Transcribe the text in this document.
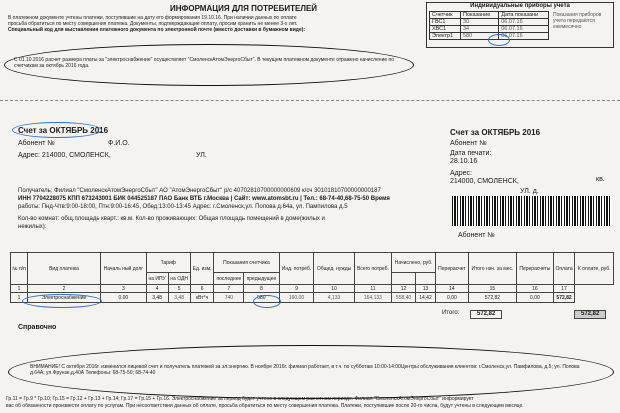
ИНФОРМАЦИЯ ДЛЯ ПОТРЕБИТЕЛЕЙ
В платежном документе учтены платежи, поступившие на дату его формирования 19.10.16. При наличии данных по оплате
просьба обратиться по месту совершения платежа. Документы, подтверждающие оплату, просим хранить не менее 3-х лет.
Специальный код для выставления платежного документа по электронной почте (вместо доставки в бумажном виде):
С 01.10.2016 расчет размера платы за "электроснабжение" осуществляет "СмоленскАтомЭнергоСбыт". В текущем платежном документе отражено начисление по счетчикам за октябрь 2016 года.
Индивидуальные приборы учета
Счетчик	Показание	Дата показани
ГВС1	30	06.07.16
ХВС1	34	06.07.16
Электр1	580	06.07.16
Показания приборов учета передаются ежемесячно
Счет за ОКТЯБРЬ 2016
Абонент №	Ф.И.О.
Адрес: 214000, СМОЛЕНСК,	УЛ.
Счет за ОКТЯБРЬ 2016
Абонент №
Дата печати:
28.10.16
Адрес:
214000, СМОЛЕНСК,
УЛ. д.
кв.
Абонент №
Получатель: Филиал "СмоленскАтомЭнергоСбыт" АО "АтомЭнергоСбыт" р/с 40702810700000000609 к/сч 30101810700000000187
ИНН 7704228075 КПП 673243001 БИК 044525187 ПАО Банк ВТБ г.Москва | Сайт: www.atomsbt.ru | Тел.: 68-74-40,68-75-50 Время
работы: Пнд-Чтв:9:00-18:00, Птн:9:00-16:45, Обед:13:00-13:45 Адрес: г.Смоленск,ул. Попова д.64а, ул. Пампилова д.5
Кол-во комнат: общ.площадь кварт.: кв.м. Кол-во проживающих: Общая площадь помещений в доме(жилых и
нежилых):
№ п/п	Вид платежа	Началь ный долг	Тариф		Ед. изм.	Показания счетчика		Инд. потреб.	Общед. нужды	Всего потреб.	Начислено, руб.		Перерасчет	Итого нач. за мес.	Перерасчеты	Оплата	К оплате, руб.
			на ИПУ	на ОДН		последнее	предыдущее										
1	2	3	4	5	6	7	8	9	10	11	12	13	14	15	16	17	
1	Электроснабжение	0.00	3,48	3,48	кВт*ч	740	580	160,00	4,133	164,133	558,40	14,42	0,00	572,82	0,00	572,82	
Итого:	572,82	572,82
Справочно
ВНИМАНИЕ! С октября 2016г. изменился лицевой счет и получатель платежей за эл.энергию. В ноябре 2016г. филиал работает, в т.ч. по субботам 10:00-14:00Центры обслуживания клиентов: г.Смоленск,ул. Памфилова, д.5; ул. Попова д.64А; ул.Фрунзе,д.40А Телефоны: 68-75-50; 68-74-40
Гр.11 = Гр.9 * Гр.10; Гр.15 = Гр.12 + Гр.13 + Гр.14; Гр.17 = Гр.15 + Гр.16. Электроснабжение за период будет учтено в следующем расчетном периоде. Филиал "СмоленскАтомЭнергоСбыт" информирует
вас об обязанности произвести оплату по услугам. При несоответствии данных об оплате, просьба обратиться по месту совершения платежа. Платежи, поступившие после 20-го числа, будут учтены в следующем месяце.
